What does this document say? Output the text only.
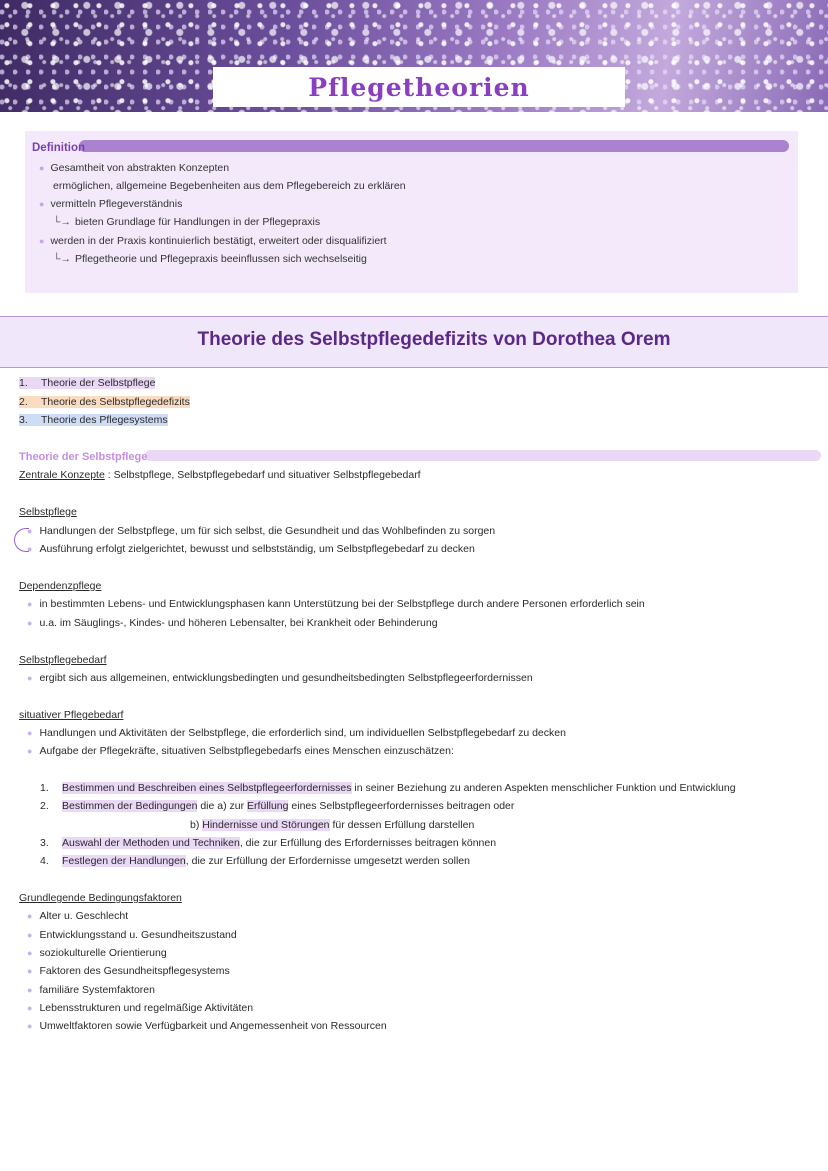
Pflegetheorien
Definition
● Gesamtheit von abstrakten Konzepten
ermöglichen, allgemeine Begebenheiten aus dem Pflegebereich zu erklären
● vermitteln Pflegeverständnis
└→ bieten Grundlage für Handlungen in der Pflegepraxis
● werden in der Praxis kontinuierlich bestätigt, erweitert oder disqualifiziert
└→ Pflegetheorie und Pflegepraxis beeinflussen sich wechselseitig
Theorie des Selbstpflegedefizits von Dorothea Orem
1. Theorie der Selbstpflege
2. Theorie des Selbstpflegedefizits
3. Theorie des Pflegesystems
Theorie der Selbstpflege
Zentrale Konzepte : Selbstpflege, Selbstpflegebedarf und situativer Selbstpflegebedarf
Selbstpflege
● Handlungen der Selbstpflege, um für sich selbst, die Gesundheit und das Wohlbefinden zu sorgen
● Ausführung erfolgt zielgerichtet, bewusst und selbstständig, um Selbstpflegebedarf zu decken
Dependenzpflege
● in bestimmten Lebens- und Entwicklungsphasen kann Unterstützung bei der Selbstpflege durch andere Personen erforderlich sein
● u.a. im Säuglings-, Kindes- und höheren Lebensalter, bei Krankheit oder Behinderung
Selbstpflegebedarf
● ergibt sich aus allgemeinen, entwicklungsbedingten und gesundheitsbedingten Selbstpflegeerfordernissen
situativer Pflegebedarf
● Handlungen und Aktivitäten der Selbstpflege, die erforderlich sind, um individuellen Selbstpflegebedarf zu decken
● Aufgabe der Pflegekräfte, situativen Selbstpflegebedarfs eines Menschen einzuschätzen:
1. Bestimmen und Beschreiben eines Selbstpflegeerfordernisses in seiner Beziehung zu anderen Aspekten menschlicher Funktion und Entwicklung
2. Bestimmen der Bedingungen die a) zur Erfüllung eines Selbstpflegeerfordernisses beitragen oder
b) Hindernisse und Störungen für dessen Erfüllung darstellen
3. Auswahl der Methoden und Techniken, die zur Erfüllung des Erfordernisses beitragen können
4. Festlegen der Handlungen, die zur Erfüllung der Erfordernisse umgesetzt werden sollen
Grundlegende Bedingungsfaktoren
● Alter u. Geschlecht
● Entwicklungsstand u. Gesundheitszustand
● soziokulturelle Orientierung
● Faktoren des Gesundheitspflegesystems
● familiäre Systemfaktoren
● Lebensstrukturen und regelmäßige Aktivitäten
● Umweltfaktoren sowie Verfügbarkeit und Angemessenheit von Ressourcen
